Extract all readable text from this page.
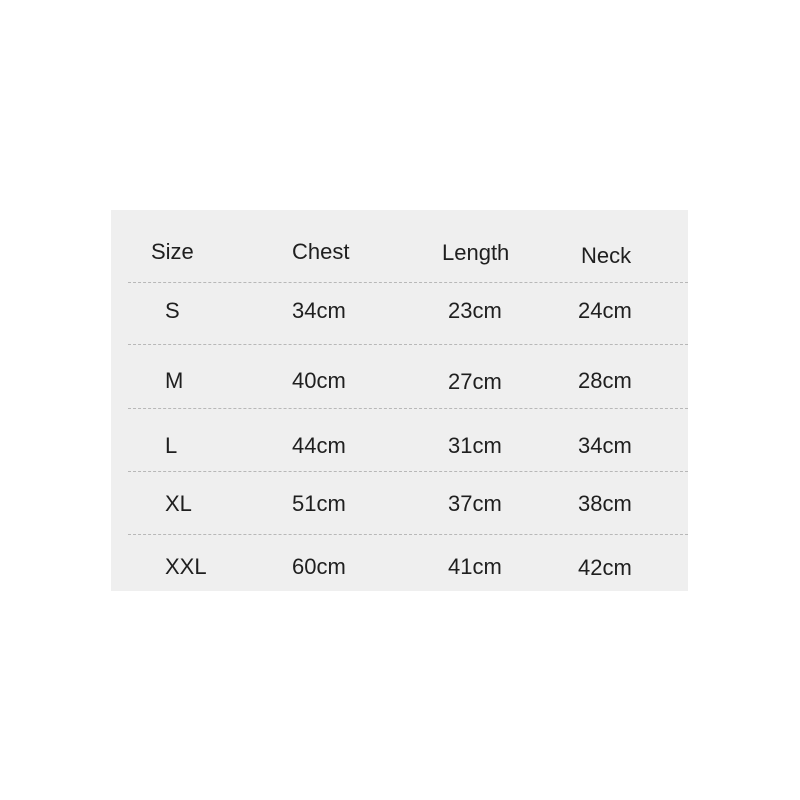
Size	Chest	Length	Neck
S	34cm	23cm	24cm
M	40cm	27cm	28cm
L	44cm	31cm	34cm
XL	51cm	37cm	38cm
XXL	60cm	41cm	42cm
